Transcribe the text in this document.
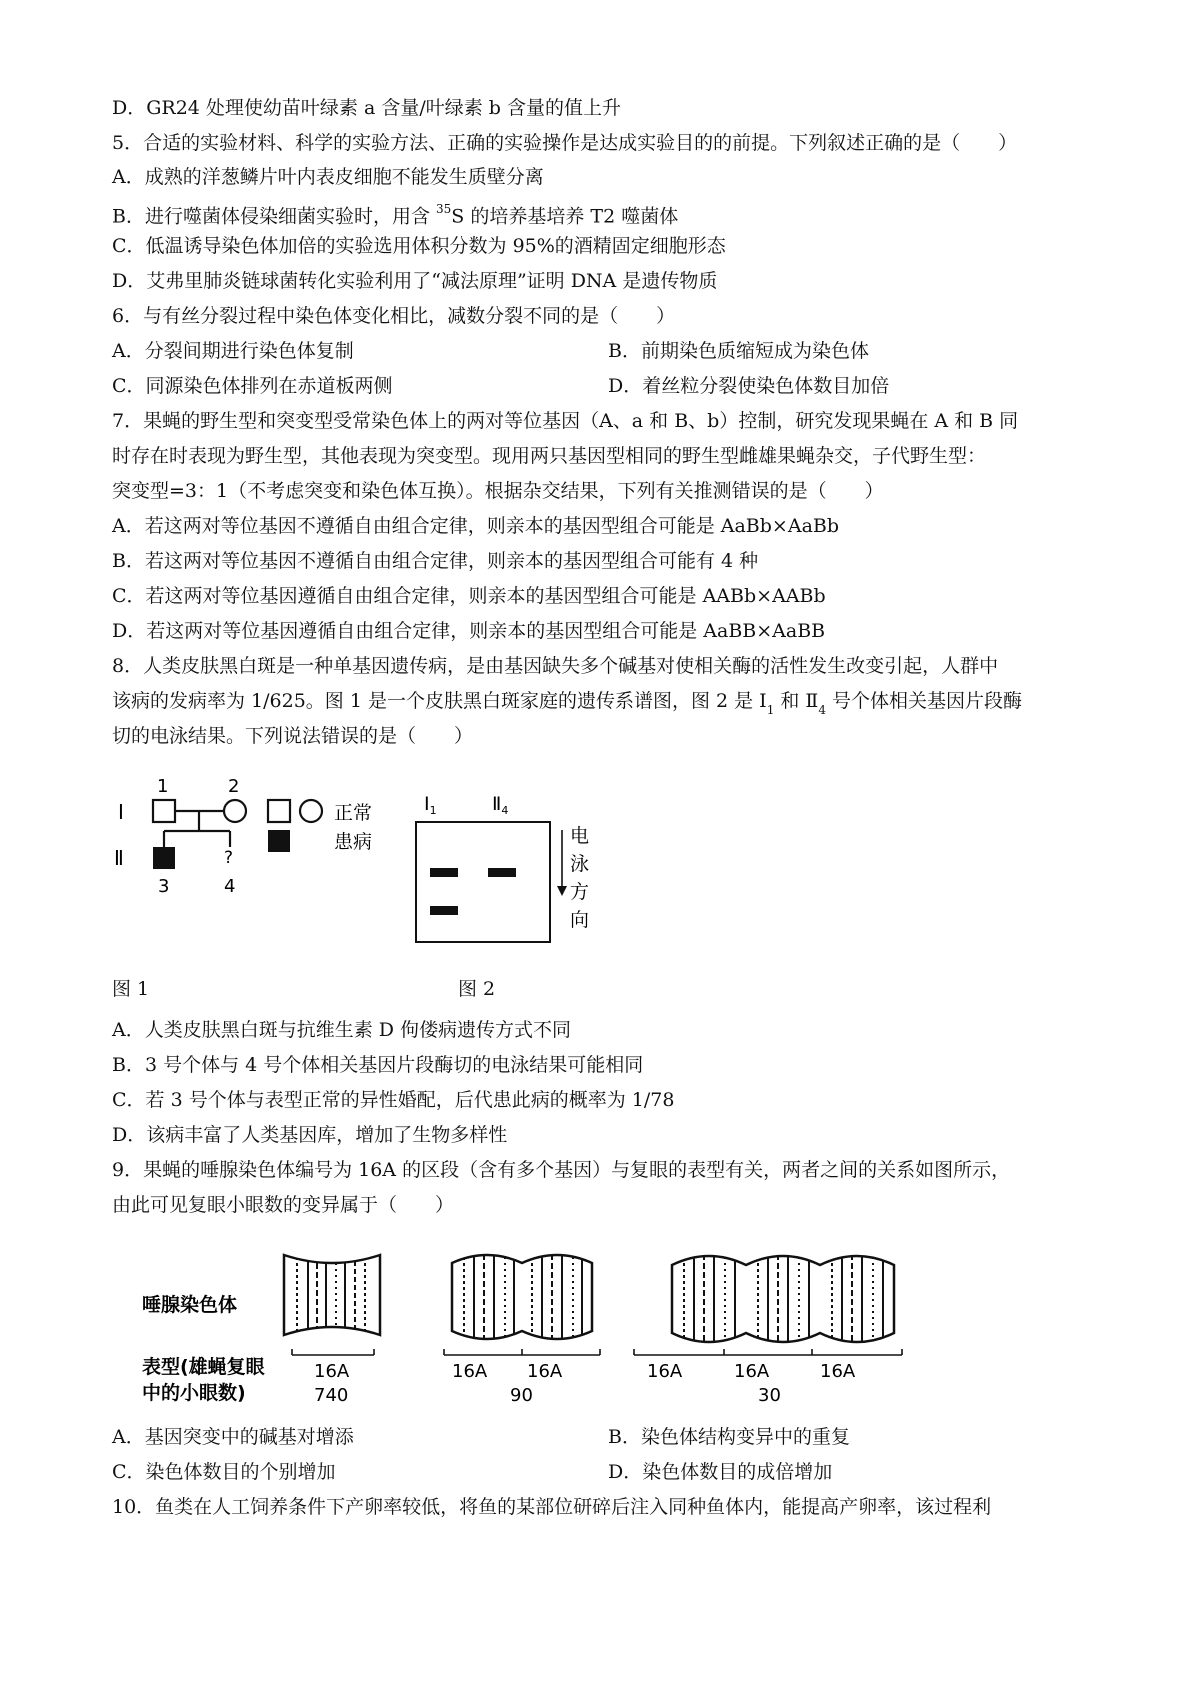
D．GR24 处理使幼苗叶绿素 a 含量/叶绿素 b 含量的值上升
5．合适的实验材料、科学的实验方法、正确的实验操作是达成实验目的的前提。下列叙述正确的是（　　）
A．成熟的洋葱鳞片叶内表皮细胞不能发生质壁分离
B．进行噬菌体侵染细菌实验时，用含 $^{35}$S 的培养基培养 T2 噬菌体
C．低温诱导染色体加倍的实验选用体积分数为 95%的酒精固定细胞形态
D．艾弗里肺炎链球菌转化实验利用了“减法原理”证明 DNA 是遗传物质
6．与有丝分裂过程中染色体变化相比，减数分裂不同的是（　　）
A．分裂间期进行染色体复制	B．前期染色质缩短成为染色体
C．同源染色体排列在赤道板两侧	D．着丝粒分裂使染色体数目加倍
7．果蝇的野生型和突变型受常染色体上的两对等位基因（A、a 和 B、b）控制，研究发现果蝇在 A 和 B 同
时存在时表现为野生型，其他表现为突变型。现用两只基因型相同的野生型雌雄果蝇杂交，子代野生型：
突变型=3：1（不考虑突变和染色体互换）。根据杂交结果，下列有关推测错误的是（　　）
A．若这两对等位基因不遵循自由组合定律，则亲本的基因型组合可能是 AaBb×AaBb
B．若这两对等位基因不遵循自由组合定律，则亲本的基因型组合可能有 4 种
C．若这两对等位基因遵循自由组合定律，则亲本的基因型组合可能是 AABb×AABb
D．若这两对等位基因遵循自由组合定律，则亲本的基因型组合可能是 AaBB×AaBB
8．人类皮肤黑白斑是一种单基因遗传病，是由基因缺失多个碱基对使相关酶的活性发生改变引起，人群中
该病的发病率为 1/625。图 1 是一个皮肤黑白斑家庭的遗传系谱图，图 2 是 $I_1$ 和 $Ⅱ_4$ 号个体相关基因片段酶
切的电泳结果。下列说法错误的是（　　）
I
Ⅱ
1	2
3	4
?
正常
患病
图 1
$I_1$	$Ⅱ_4$
电
泳
方
向
图 2
A．人类皮肤黑白斑与抗维生素 D 佝偻病遗传方式不同
B．3 号个体与 4 号个体相关基因片段酶切的电泳结果可能相同
C．若 3 号个体与表型正常的异性婚配，后代患此病的概率为 1/78
D．该病丰富了人类基因库，增加了生物多样性
9．果蝇的唾腺染色体编号为 16A 的区段（含有多个基因）与复眼的表型有关，两者之间的关系如图所示，
由此可见复眼小眼数的变异属于（　　）
唾腺染色体
表型(雄蝇复眼
中的小眼数)
16A
740
16A 16A
90
16A	16A	16A
30
A．基因突变中的碱基对增添	B．染色体结构变异中的重复
C．染色体数目的个别增加	D．染色体数目的成倍增加
10．鱼类在人工饲养条件下产卵率较低，将鱼的某部位研碎后注入同种鱼体内，能提高产卵率，该过程利
